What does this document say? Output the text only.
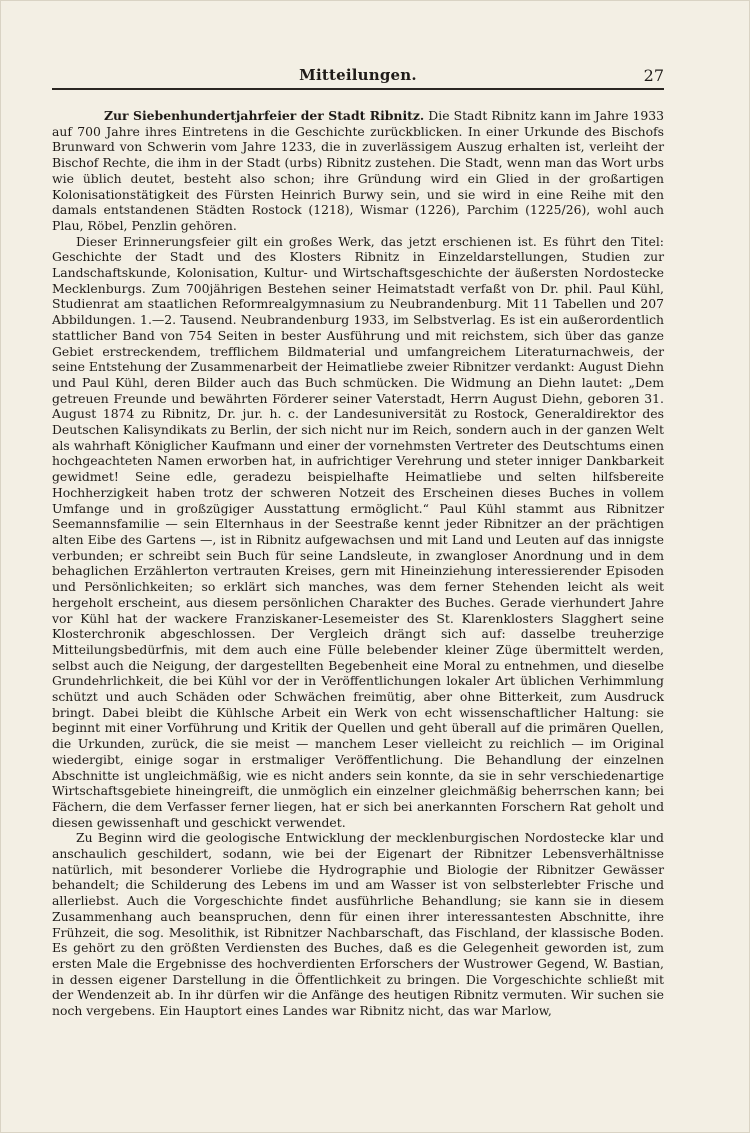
Mitteilungen.	27

Zur Siebenhundertjahrfeier der Stadt Ribnitz. Die Stadt Ribnitz kann im Jahre 1933 auf 700 Jahre ihres Eintretens in die Geschichte zurückblicken. In einer Urkunde des Bischofs Brunward von Schwerin vom Jahre 1233, die in zuverlässigem Auszug erhalten ist, verleiht der Bischof Rechte, die ihm in der Stadt (urbs) Ribnitz zustehen. Die Stadt, wenn man das Wort urbs wie üblich deutet, besteht also schon; ihre Gründung wird ein Glied in der großartigen Kolonisationstätigkeit des Fürsten Heinrich Burwy sein, und sie wird in eine Reihe mit den damals entstandenen Städten Rostock (1218), Wismar (1226), Parchim (1225/26), wohl auch Plau, Röbel, Penzlin gehören.

Dieser Erinnerungsfeier gilt ein großes Werk, das jetzt erschienen ist. Es führt den Titel: Geschichte der Stadt und des Klosters Ribnitz in Einzeldarstellungen, Studien zur Landschaftskunde, Kolonisation, Kultur- und Wirtschaftsgeschichte der äußersten Nordostecke Mecklenburgs. Zum 700jährigen Bestehen seiner Heimatstadt verfaßt von Dr. phil. Paul Kühl, Studienrat am staatlichen Reformrealgymnasium zu Neubrandenburg. Mit 11 Tabellen und 207 Abbildungen. 1.—2. Tausend. Neubrandenburg 1933, im Selbstverlag. Es ist ein außerordentlich stattlicher Band von 754 Seiten in bester Ausführung und mit reichstem, sich über das ganze Gebiet erstreckendem, trefflichem Bildmaterial und umfangreichem Literaturnachweis, der seine Entstehung der Zusammenarbeit der Heimatliebe zweier Ribnitzer verdankt: August Diehn und Paul Kühl, deren Bilder auch das Buch schmücken. Die Widmung an Diehn lautet: „Dem getreuen Freunde und bewährten Förderer seiner Vaterstadt, Herrn August Diehn, geboren 31. August 1874 zu Ribnitz, Dr. jur. h. c. der Landesuniversität zu Rostock, Generaldirektor des Deutschen Kalisyndikats zu Berlin, der sich nicht nur im Reich, sondern auch in der ganzen Welt als wahrhaft Königlicher Kaufmann und einer der vornehmsten Vertreter des Deutschtums einen hochgeachteten Namen erworben hat, in aufrichtiger Verehrung und steter inniger Dankbarkeit gewidmet! Seine edle, geradezu beispielhafte Heimatliebe und selten hilfsbereite Hochherzigkeit haben trotz der schweren Notzeit des Erscheinen dieses Buches in vollem Umfange und in großzügiger Ausstattung ermöglicht.“ Paul Kühl stammt aus Ribnitzer Seemannsfamilie — sein Elternhaus in der Seestraße kennt jeder Ribnitzer an der prächtigen alten Eibe des Gartens —, ist in Ribnitz aufgewachsen und mit Land und Leuten auf das innigste verbunden; er schreibt sein Buch für seine Landsleute, in zwangloser Anordnung und in dem behaglichen Erzählerton vertrauten Kreises, gern mit Hineinziehung interessierender Episoden und Persönlichkeiten; so erklärt sich manches, was dem ferner Stehenden leicht als weit hergeholt erscheint, aus diesem persönlichen Charakter des Buches. Gerade vierhundert Jahre vor Kühl hat der wackere Franziskaner-Lesemeister des St. Klarenklosters Slagghert seine Klosterchronik abgeschlossen. Der Vergleich drängt sich auf: dasselbe treuherzige Mitteilungsbedürfnis, mit dem auch eine Fülle belebender kleiner Züge übermittelt werden, selbst auch die Neigung, der dargestellten Begebenheit eine Moral zu entnehmen, und dieselbe Grundehrlichkeit, die bei Kühl vor der in Veröffentlichungen lokaler Art üblichen Verhimmlung schützt und auch Schäden oder Schwächen freimütig, aber ohne Bitterkeit, zum Ausdruck bringt. Dabei bleibt die Kühlsche Arbeit ein Werk von echt wissenschaftlicher Haltung: sie beginnt mit einer Vorführung und Kritik der Quellen und geht überall auf die primären Quellen, die Urkunden, zurück, die sie meist — manchem Leser vielleicht zu reichlich — im Original wiedergibt, einige sogar in erstmaliger Veröffentlichung. Die Behandlung der einzelnen Abschnitte ist ungleichmäßig, wie es nicht anders sein konnte, da sie in sehr verschiedenartige Wirtschaftsgebiete hineingreift, die unmöglich ein einzelner gleichmäßig beherrschen kann; bei Fächern, die dem Verfasser ferner liegen, hat er sich bei anerkannten Forschern Rat geholt und diesen gewissenhaft und geschickt verwendet.

Zu Beginn wird die geologische Entwicklung der mecklenburgischen Nordostecke klar und anschaulich geschildert, sodann, wie bei der Eigenart der Ribnitzer Lebensverhältnisse natürlich, mit besonderer Vorliebe die Hydrographie und Biologie der Ribnitzer Gewässer behandelt; die Schilderung des Lebens im und am Wasser ist von selbsterlebter Frische und allerliebst. Auch die Vorgeschichte findet ausführliche Behandlung; sie kann sie in diesem Zusammenhang auch beanspruchen, denn für einen ihrer interessantesten Abschnitte, ihre Frühzeit, die sog. Mesolithik, ist Ribnitzer Nachbarschaft, das Fischland, der klassische Boden. Es gehört zu den größten Verdiensten des Buches, daß es die Gelegenheit geworden ist, zum ersten Male die Ergebnisse des hochverdienten Erforschers der Wustrower Gegend, W. Bastian, in dessen eigener Darstellung in die Öffentlichkeit zu bringen. Die Vorgeschichte schließt mit der Wendenzeit ab. In ihr dürfen wir die Anfänge des heutigen Ribnitz vermuten. Wir suchen sie noch vergebens. Ein Hauptort eines Landes war Ribnitz nicht, das war Marlow,
